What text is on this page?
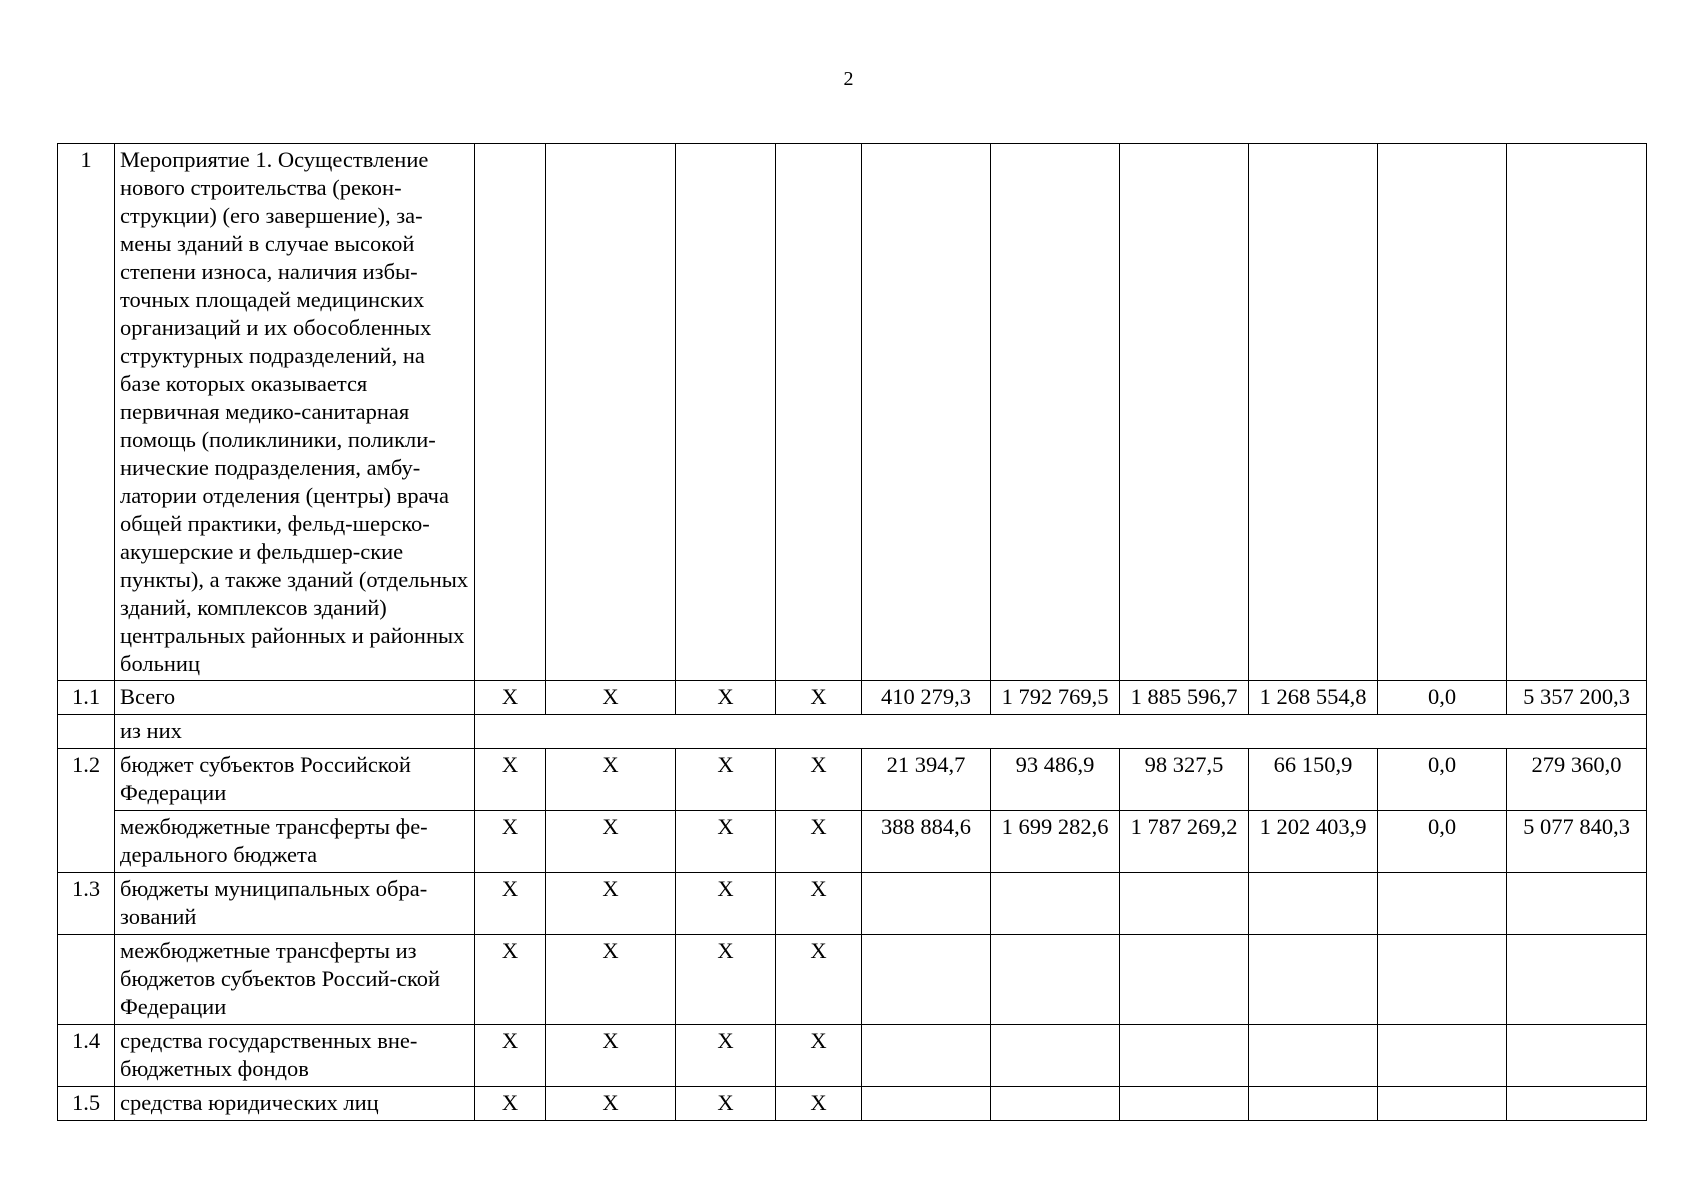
2
1	Мероприятие 1. Осуществление нового строительства (рекон-струкции) (его завершение), за-мены зданий в случае высокой степени износа, наличия избы-точных площадей медицинских организаций и их обособленных структурных подразделений, на базе которых оказывается первичная медико-санитарная помощь (поликлиники, поликли-нические подразделения, амбу-латории отделения (центры) врача общей практики, фельд-шерско-акушерские и фельдшер-ские пункты), а также зданий (отдельных зданий, комплексов зданий) центральных районных и районных больниц										
1.1	Всего	X	X	X	X	410 279,3	1 792 769,5	1 885 596,7	1 268 554,8	0,0	5 357 200,3
	из них										
1.2	бюджет субъектов Российской Федерации	X	X	X	X	21 394,7	93 486,9	98 327,5	66 150,9	0,0	279 360,0
	межбюджетные трансферты фе-дерального бюджета	X	X	X	X	388 884,6	1 699 282,6	1 787 269,2	1 202 403,9	0,0	5 077 840,3
1.3	бюджеты муниципальных обра-зований	X	X	X	X						
	межбюджетные трансферты из бюджетов субъектов Россий-ской Федерации	X	X	X	X						
1.4	средства государственных вне-бюджетных фондов	X	X	X	X						
1.5	средства юридических лиц	X	X	X	X						
